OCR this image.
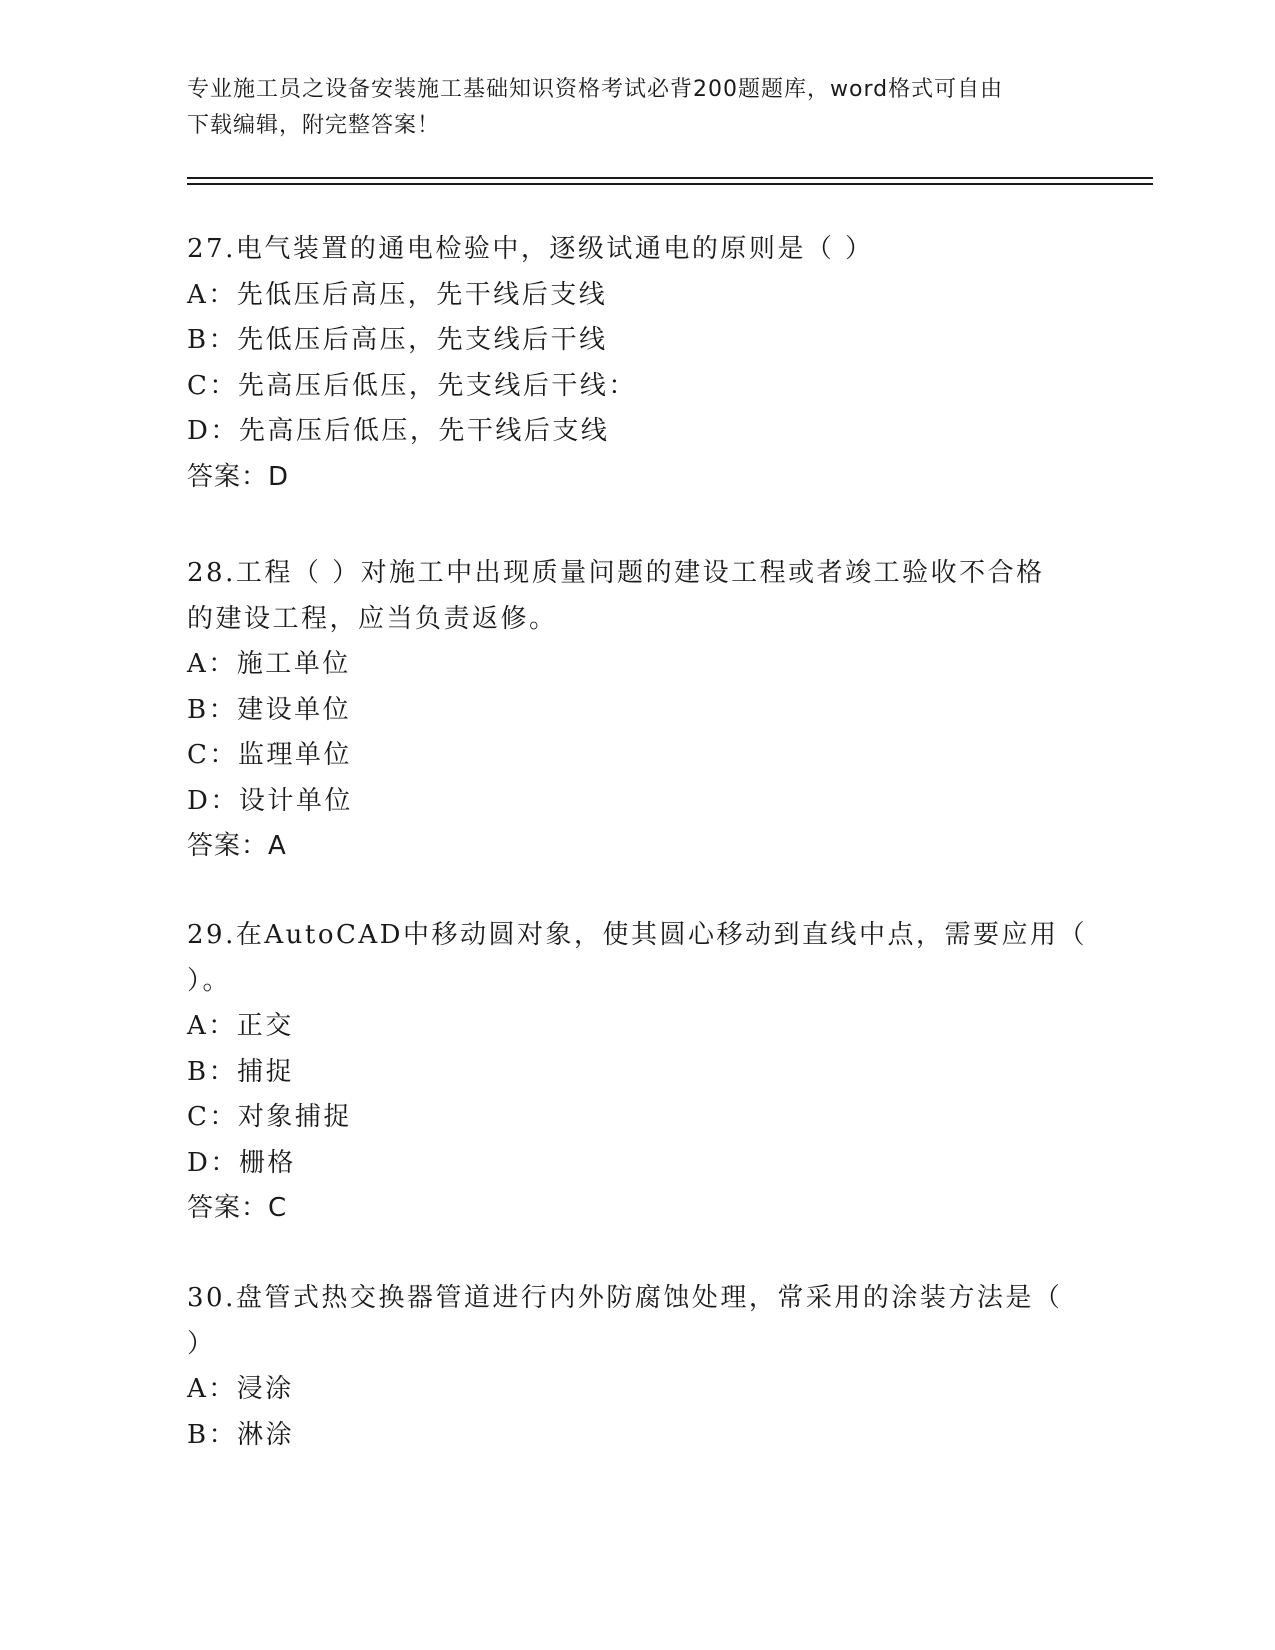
专业施工员之设备安装施工基础知识资格考试必背200题题库，word格式可自由
下载编辑，附完整答案！
27.电气装置的通电检验中，逐级试通电的原则是（ ）
A：先低压后高压，先干线后支线
B：先低压后高压，先支线后干线
C：先高压后低压，先支线后干线：
D：先高压后低压，先干线后支线
答案：D
28.工程（ ）对施工中出现质量问题的建设工程或者竣工验收不合格
的建设工程，应当负责返修。
A：施工单位
B：建设单位
C：监理单位
D：设计单位
答案：A
29.在AutoCAD中移动圆对象，使其圆心移动到直线中点，需要应用（
）。
A：正交
B：捕捉
C：对象捕捉
D：栅格
答案：C
30.盘管式热交换器管道进行内外防腐蚀处理，常采用的涂装方法是（
）
A：浸涂
B：淋涂
